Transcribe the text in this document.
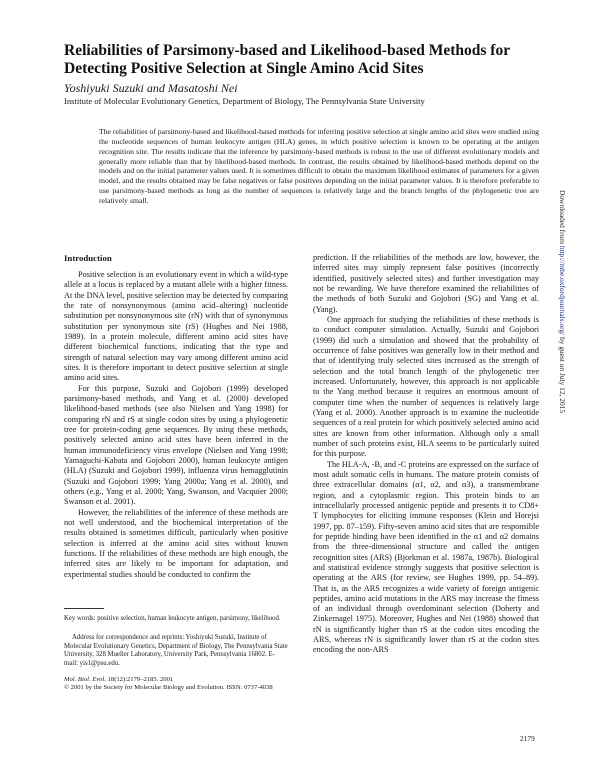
Reliabilities of Parsimony-based and Likelihood-based Methods for Detecting Positive Selection at Single Amino Acid Sites
Yoshiyuki Suzuki and Masatoshi Nei
Institute of Molecular Evolutionary Genetics, Department of Biology, The Pennsylvania State University

The reliabilities of parsimony-based and likelihood-based methods for inferring positive selection at single amino acid sites were studied using the nucleotide sequences of human leukocyte antigen (HLA) genes, in which positive selection is known to be operating at the antigen recognition site. The results indicate that the inference by parsimony-based methods is robust to the use of different evolutionary models and generally more reliable than that by likelihood-based methods. In contrast, the results obtained by likelihood-based methods depend on the models and on the initial parameter values used. It is sometimes difficult to obtain the maximum likelihood estimates of parameters for a given model, and the results obtained may be false negatives or false positives depending on the initial parameter values. It is therefore preferable to use parsimony-based methods as long as the number of sequences is relatively large and the branch lengths of the phylogenetic tree are relatively small.

Introduction

Positive selection is an evolutionary event in which a wild-type allele at a locus is replaced by a mutant allele with a higher fitness. At the DNA level, positive selection may be detected by comparing the rate of nonsynonymous (amino acid–altering) nucleotide substitution per nonsynonymous site (rN) with that of synonymous substitution per synonymous site (rS) (Hughes and Nei 1988, 1989). In a protein molecule, different amino acid sites have different biochemical functions, indicating that the type and strength of natural selection may vary among different amino acid sites. It is therefore important to detect positive selection at single amino acid sites.

For this purpose, Suzuki and Gojobori (1999) developed parsimony-based methods, and Yang et al. (2000) developed likelihood-based methods (see also Nielsen and Yang 1998) for comparing rN and rS at single codon sites by using a phylogenetic tree for protein-coding gene sequences. By using these methods, positively selected amino acid sites have been inferred in the human immunodeficiency virus envelope (Nielsen and Yang 1998; Yamaguchi-Kabata and Gojobori 2000), human leukocyte antigen (HLA) (Suzuki and Gojobori 1999), influenza virus hemagglutinin (Suzuki and Gojobori 1999; Yang 2000a; Yang et al. 2000), and others (e.g., Yang et al. 2000; Yang, Swanson, and Vacquier 2000; Swanson et al. 2001).

However, the reliabilities of the inference of these methods are not well understood, and the biochemical interpretation of the results obtained is sometimes difficult, particularly when positive selection is inferred at the amino acid sites without known functions. If the reliabilities of these methods are high enough, the inferred sites are likely to be important for adaptation, and experimental studies should be conducted to confirm the

Key words: positive selection, human leukocyte antigen, parsimony, likelihood.

Address for correspondence and reprints: Yoshiyuki Suzuki, Institute of Molecular Evolutionary Genetics, Department of Biology, The Pennsylvania State University, 328 Mueller Laboratory, University Park, Pennsylvania 16802. E-mail: yis1@psu.edu.

Mol. Biol. Evol. 18(12):2179–2185. 2001
© 2001 by the Society for Molecular Biology and Evolution. ISSN: 0737-4038

prediction. If the reliabilities of the methods are low, however, the inferred sites may simply represent false positives (incorrectly identified, positively selected sites) and further investigation may not be rewarding. We have therefore examined the reliabilities of the methods of both Suzuki and Gojobori (SG) and Yang et al. (Yang).

One approach for studying the reliabilities of these methods is to conduct computer simulation. Actually, Suzuki and Gojobori (1999) did such a simulation and showed that the probability of occurrence of false positives was generally low in their method and that of identifying truly selected sites increased as the strength of selection and the total branch length of the phylogenetic tree increased. Unfortunately, however, this approach is not applicable to the Yang method because it requires an enormous amount of computer time when the number of sequences is relatively large (Yang et al. 2000). Another approach is to examine the nucleotide sequences of a real protein for which positively selected amino acid sites are known from other information. Although only a small number of such proteins exist, HLA seems to be particularly suited for this purpose.

The HLA-A, -B, and -C proteins are expressed on the surface of most adult somatic cells in humans. The mature protein consists of three extracellular domains (α1, α2, and α3), a transmembrane region, and a cytoplasmic region. This protein binds to an intracellularly processed antigenic peptide and presents it to CD8+ T lymphocytes for eliciting immune responses (Klein and Horejsi 1997, pp. 87–159). Fifty-seven amino acid sites that are responsible for peptide binding have been identified in the α1 and α2 domains from the three-dimensional structure and called the antigen recognition sites (ARS) (Bjorkman et al. 1987a, 1987b). Biological and statistical evidence strongly suggests that positive selection is operating at the ARS (for review, see Hughes 1999, pp. 54–89). That is, as the ARS recognizes a wide variety of foreign antigenic peptides, amino acid mutations in the ARS may increase the fitness of an individual through overdominant selection (Doherty and Zinkernagel 1975). Moreover, Hughes and Nei (1988) showed that rN is significantly higher than rS at the codon sites encoding the ARS, whereas rN is significantly lower than rS at the codon sites encoding the non-ARS

2179
Downloaded from http://mbe.oxfordjournals.org/ by guest on July 12, 2015
